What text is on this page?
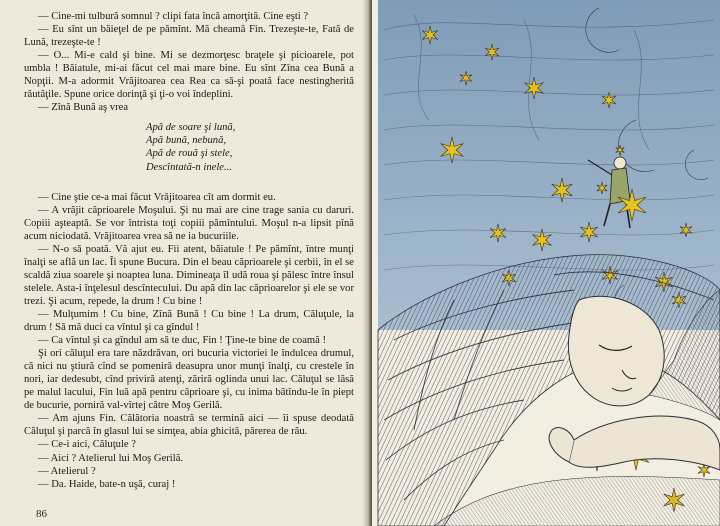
— Cine-mi tulbură somnul ? clipi fata încă amorţită. Cine eşti ?

— Eu sînt un băieţel de pe pămînt. Mă cheamă Fin. Trezeşte-te, Fată de Lună, trezeşte-te !

— O... Mi-e cald şi bine. Mi se dezmorţesc braţele şi picioarele, pot umbla ! Băiatule, mi-ai făcut cel mai mare bine. Eu sînt Zîna cea Bună a Nopţii. M-a adormit Vrăjitoarea cea Rea ca să-şi poată face nestingherită răutăţile. Spune orice dorinţă şi ţi-o voi îndeplini.

— Zînă Bună aş vrea

Apă de soare şi lună,
Apă bună, nebună,
Apă de rouă şi stele,
Descîntată-n inele...

— Cine ştie ce-a mai făcut Vrăjitoarea cît am dormit eu.

— A vrăjit căprioarele Moşului. Şi nu mai are cine trage sania cu daruri. Copiii aşteaptă. Se vor întrista toţi copiii pămîntului. Moşul n-a lipsit pînă acum niciodată. Vrăjitoarea vrea să ne ia bucuriile.

— N-o să poată. Vă ajut eu. Fii atent, băiatule ! Pe pămînt, între munţi înalţi se află un lac. Îi spune Bucura. Din el beau căprioarele şi cerbii, în el se scaldă ziua soarele şi noaptea luna. Dimineaţa îl udă roua şi pălesc între însul stelele. Asta-i înţelesul descîntecului. Du apă din lac căprioarelor şi ele se vor trezi. Şi acum, repede, la drum ! Cu bine !

— Mulţumim ! Cu bine, Zînă Bună ! Cu bine ! La drum, Căluţule, la drum ! Să mă duci ca vîntul şi ca gîndul !

— Ca vîntul şi ca gîndul am să te duc, Fin ! Ţine-te bine de coamă !

Şi ori căluţul era tare năzdrăvan, ori bucuria victoriei le îndulcea drumul, că nici nu ştiură cînd se pomeniră deasupra unor munţi înalţi, cu crestele în nori, iar dedesubt, cînd priviră atenţi, zăriră oglinda unui lac. Căluţul se lăsă pe malul lacului, Fin luă apă pentru căprioare şi, cu inima bătîndu-le în piept de bucurie, porniră val-vîrtej către Moş Gerilă.

— Am ajuns Fin. Călătoria noastră se termină aici — îi spuse deodată Căluţul şi parcă în glasul lui se simţea, abia ghicită, părerea de rău.

— Ce-i aici, Căluţule ?

— Aici ? Atelierul lui Moş Gerilă.

— Atelierul ?

— Da. Haide, bate-n uşă, curaj !

86
